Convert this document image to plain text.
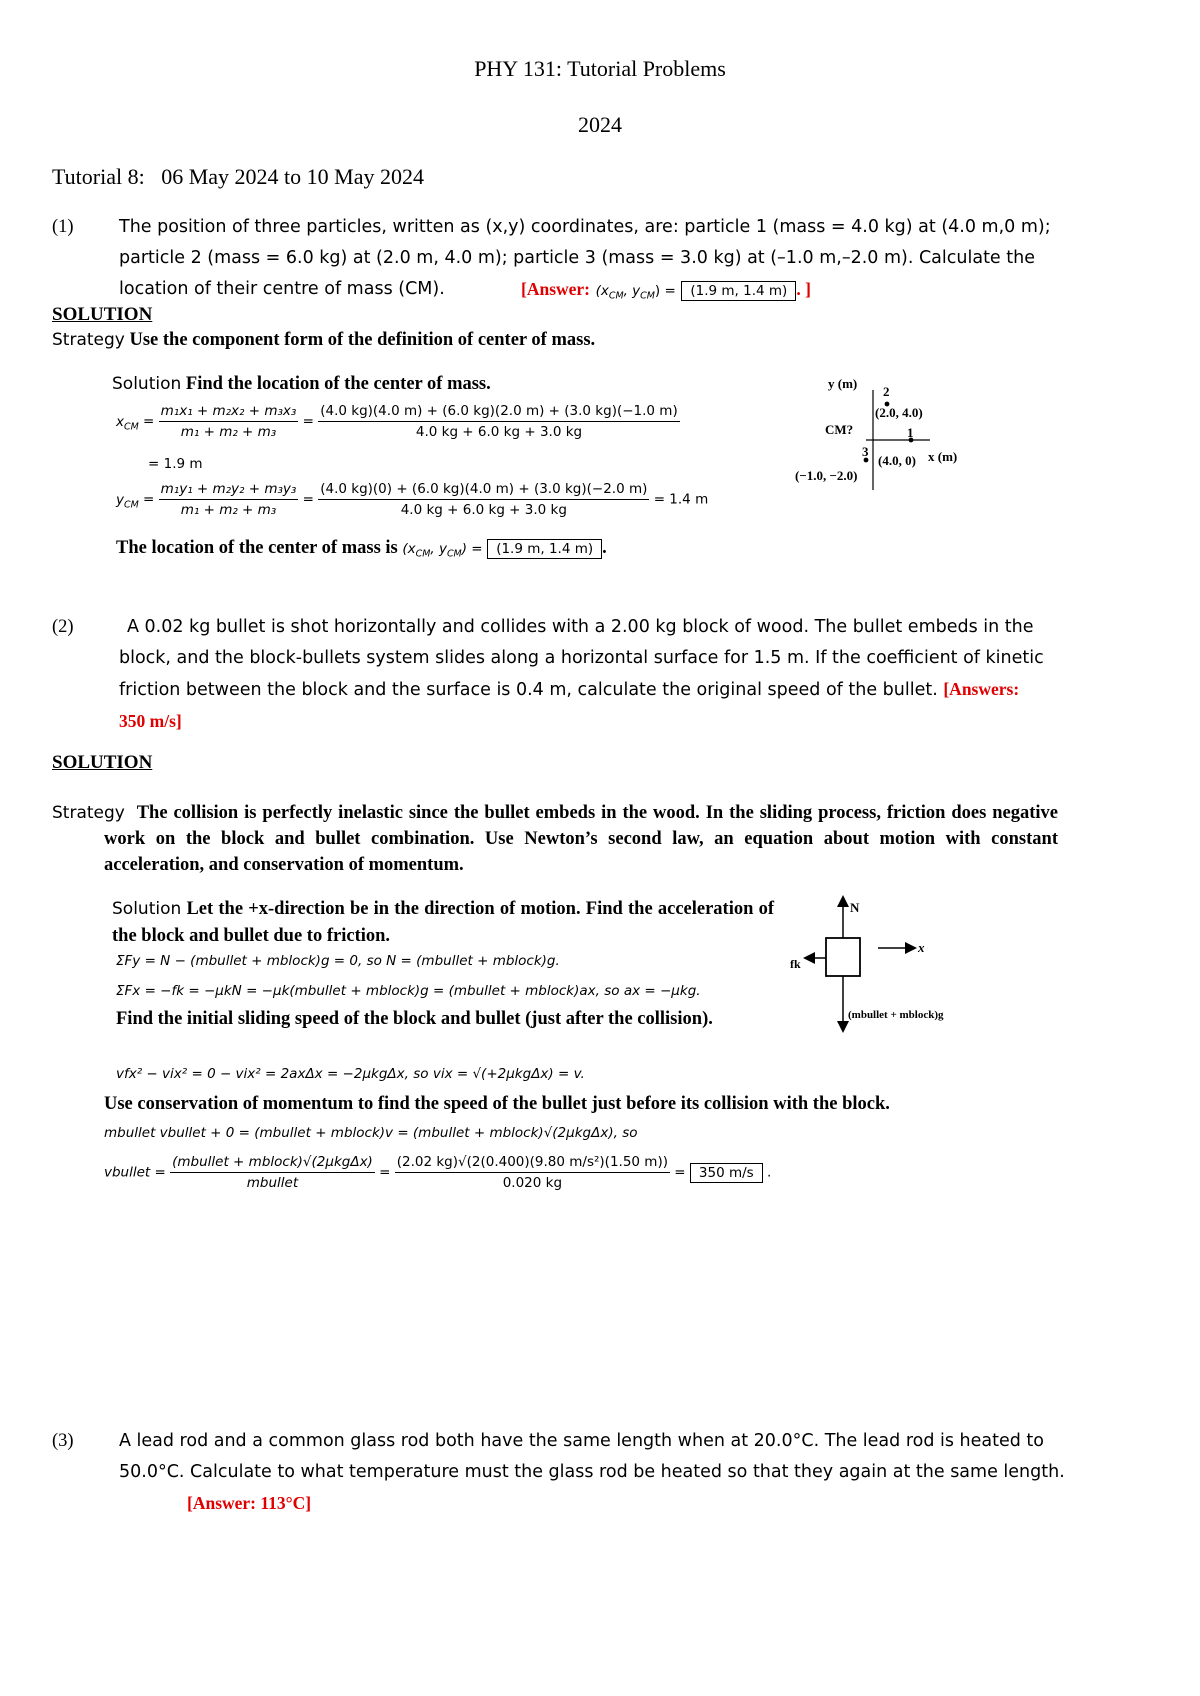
PHY 131: Tutorial Problems
2024
Tutorial 8: 06 May 2024 to 10 May 2024
(1)	The position of three particles, written as (x,y) coordinates, are: particle 1 (mass = 4.0 kg) at (4.0 m,0 m);
particle 2 (mass = 6.0 kg) at (2.0 m, 4.0 m); particle 3 (mass = 3.0 kg) at (–1.0 m,–2.0 m). Calculate the
location of their centre of mass (CM).	[Answer: ($x_{CM}$, $y_{CM}) = (1.9$ m, 1.4 m) . ]
SOLUTION
Strategy Use the component form of the definition of center of mass.
Solution Find the location of the center of mass.
$x_{CM} = \frac{\text{m₁x₁ + m₂x₂ + m₃x₃}}{\text{m₁ + m₂ + m₃}} = \frac{(4.0 kg)(4.0 m) + (6.0 kg)(2.0 m) + (3.0 kg)(-1.0 m)}{4.0 kg + 6.0 kg + 3.0 kg}$
= 1.9 m
$y_{CM} = \frac{\text{m₁y₁ + m₂y₂ + m₃y₃}}{\text{m₁ + m₂ + m₃}} = \frac{(4.0 kg)(0) + (6.0 kg)(4.0 m) + (3.0 kg)(-2.0 m)}{4.0 kg + 6.0 kg + 3.0 kg} = 1.4$ m
The location of the center of mass is ($x_{CM}$, $y_{CM}) = (1.9$ m, 1.4 m) .
y (m)
2
(2.0, 4.0)
CM?	1
(4.0, 0) x (m)
3
(−1.0, −2.0)
(2)	A 0.02 kg bullet is shot horizontally and collides with a 2.00 kg block of wood. The bullet embeds in the
block, and the block-bullets system slides along a horizontal surface for 1.5 m. If the coefficient of kinetic
friction between the block and the surface is 0.4 m, calculate the original speed of the bullet. [Answers:
350 m/s]
SOLUTION
Strategy The collision is perfectly inelastic since the bullet embeds in the wood. In the sliding process, friction does negative work on the block and bullet combination. Use Newton’s second law, an equation about motion with constant acceleration, and conservation of momentum.
Solution Let the +x-direction be in the direction of motion. Find the acceleration of the block and bullet due to friction.
ΣFy = N − (mbullet + mblock)g = 0, so N = (mbullet + mblock)g.
ΣFx = −fk = −μkN = −μk(mbullet + mblock)g = (mbullet + mblock)ax, so ax = −μkg.
Find the initial sliding speed of the block and bullet (just after the collision).
vfx² − vix² = 0 − vix² = 2axΔx = −2μkgΔx, so vix = √(+2μkgΔx) = v.
Use conservation of momentum to find the speed of the bullet just before its collision with the block.
mbullet vbullet + 0 = (mbullet + mblock)v = (mbullet + mblock)√(2μkgΔx), so
vbullet = $\frac{\text{(mbullet + mblock)√(2μkgΔx)}}{\text{mbullet}} = \frac{\text{(2.02 kg)√(2(0.400)(9.80 m/s²)(1.50 m))}}{0.020 kg} = 350$ m/s .
N
x
fk
(mbullet + mblock)g
(3)	A lead rod and a common glass rod both have the same length when at 20.0°C. The lead rod is heated to
50.0°C. Calculate to what temperature must the glass rod be heated so that they again at the same length.
[Answer: 113°C]
